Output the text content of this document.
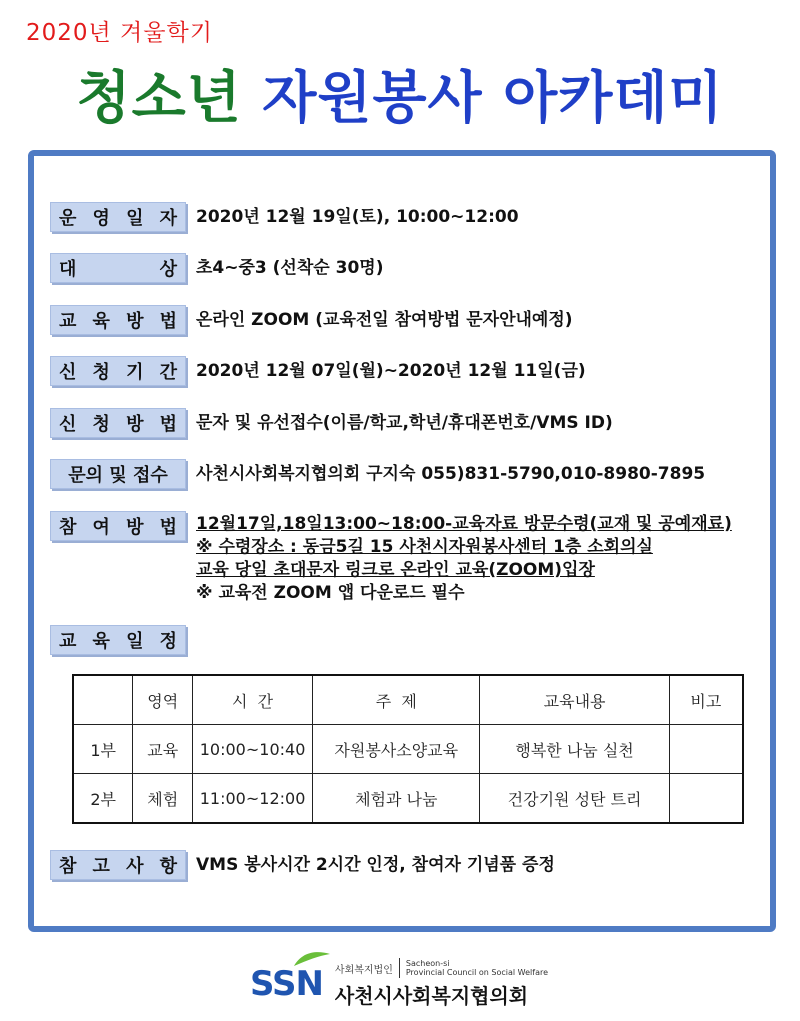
2020년 겨울학기
청소년 자원봉사 아카데미
운 영 일 자 2020년 12월 19일(토), 10:00~12:00
대	상 초4~중3 (선착순 30명)
교 육 방 법 온라인 ZOOM (교육전일 참여방법 문자안내예정)
신 청 기 간 2020년 12월 07일(월)~2020년 12월 11일(금)
신 청 방 법 문자 및 유선접수(이름/학교,학년/휴대폰번호/VMS ID)
문의 및 접수 사천시사회복지협의회 구지숙 055)831-5790,010-8980-7895
참 여 방 법 12월17일,18일13:00~18:00-교육자료 방문수령(교재 및 공예재료)
※ 수령장소 : 동금5길 15 사천시자원봉사센터 1층 소회의실
교육 당일 초대문자 링크로 온라인 교육(ZOOM)입장
※ 교육전 ZOOM 앱 다운로드 필수
교 육 일 정
	영역	시  간	주  제	교육내용	비고
1부	교육	10:00~10:40	자원봉사소양교육	행복한 나눔 실천	
2부	체험	11:00~12:00	체험과 나눔	건강기원 성탄 트리	
참 고 사 항 VMS 봉사시간 2시간 인정, 참여자 기념품 증정
SSN 사회복지법인
Sacheon-si
Provincial Council on Social Welfare
사천시사회복지협의회
